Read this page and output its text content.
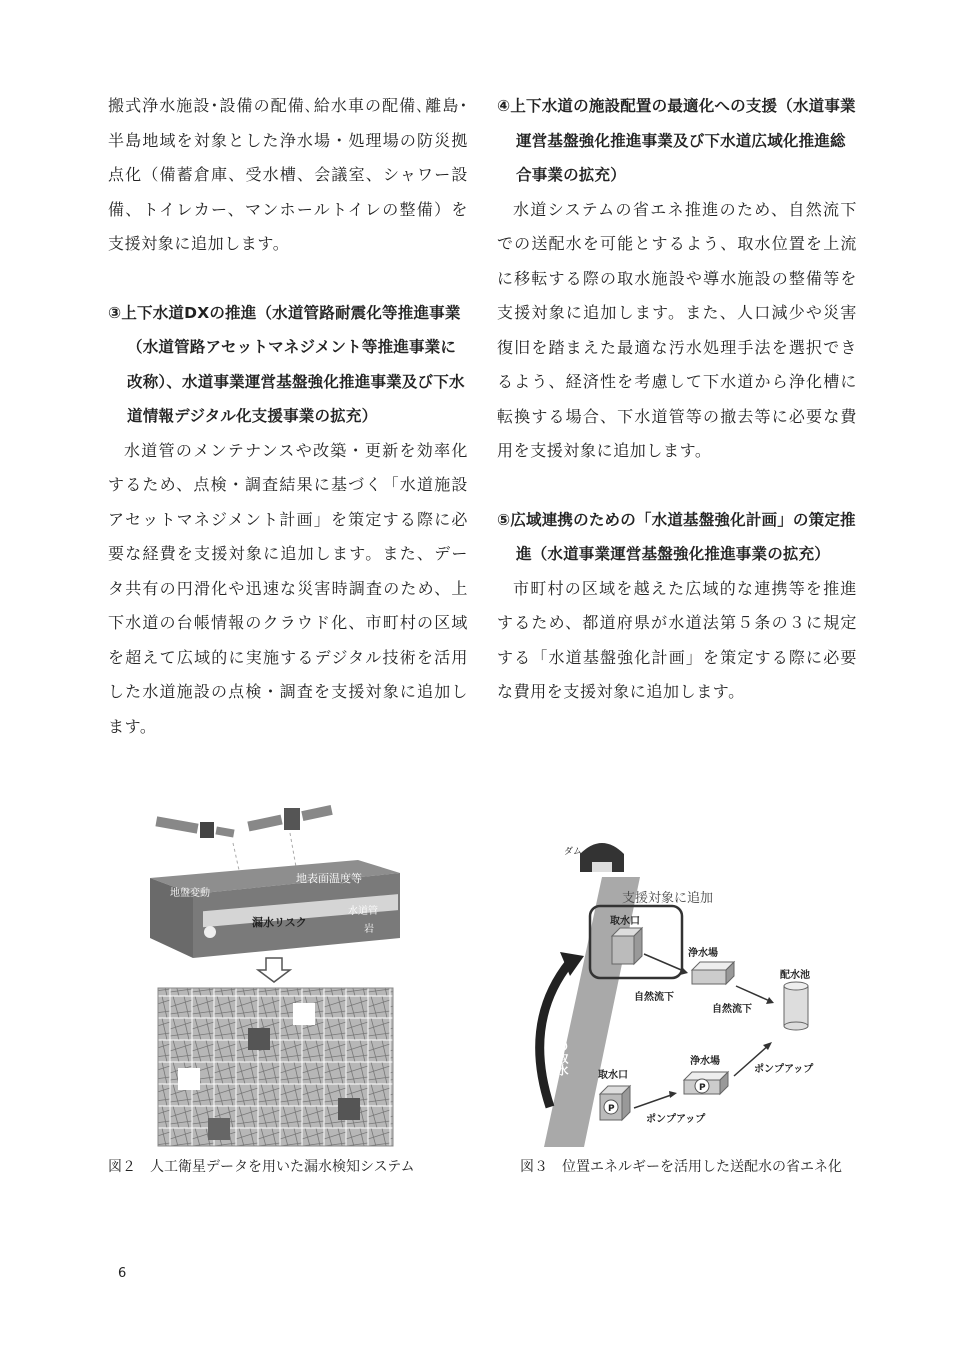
搬式浄水施設･設備の配備､給水車の配備､離島･半島地域を対象とした浄水場・処理場の防災拠点化（備蓄倉庫、受水槽、会議室、シャワー設備、トイレカー、マンホールトイレの整備）を支援対象に追加します。

③上下水道DXの推進（水道管路耐震化等推進事業（水道管路アセットマネジメント等推進事業に改称）、水道事業運営基盤強化推進事業及び下水道情報デジタル化支援事業の拡充）

水道管のメンテナンスや改築・更新を効率化するため、点検・調査結果に基づく「水道施設アセットマネジメント計画」を策定する際に必要な経費を支援対象に追加します。また、データ共有の円滑化や迅速な災害時調査のため、上下水道の台帳情報のクラウド化、市町村の区域を超えて広域的に実施するデジタル技術を活用した水道施設の点検・調査を支援対象に追加します。

④上下水道の施設配置の最適化への支援（水道事業運営基盤強化推進事業及び下水道広域化推進総合事業の拡充）

水道システムの省エネ推進のため、自然流下での送配水を可能とするよう、取水位置を上流に移転する際の取水施設や導水施設の整備等を支援対象に追加します。また、人口減少や災害復旧を踏まえた最適な汚水処理手法を選択できるよう、経済性を考慮して下水道から浄化槽に転換する場合、下水道管等の撤去等に必要な費用を支援対象に追加します。

⑤広域連携のための「水道基盤強化計画」の策定推進（水道事業運営基盤強化推進事業の拡充）

市町村の区域を越えた広域的な連携等を推進するため、都道府県が水道法第５条の３に規定する「水道基盤強化計画」を策定する際に必要な費用を支援対象に追加します。

地表面温度等
地盤変動
漏水リスク
水道管
岩
図２　人工衛星データを用いた漏水検知システム
ダム
支援対象に追加
取水口
浄水場
自然流下
自然流下
配水池
上流からの取水	取水口
P
ポンプアップ
浄水場
P
ポンプアップ
図３　位置エネルギーを活用した送配水の省エネ化
6
